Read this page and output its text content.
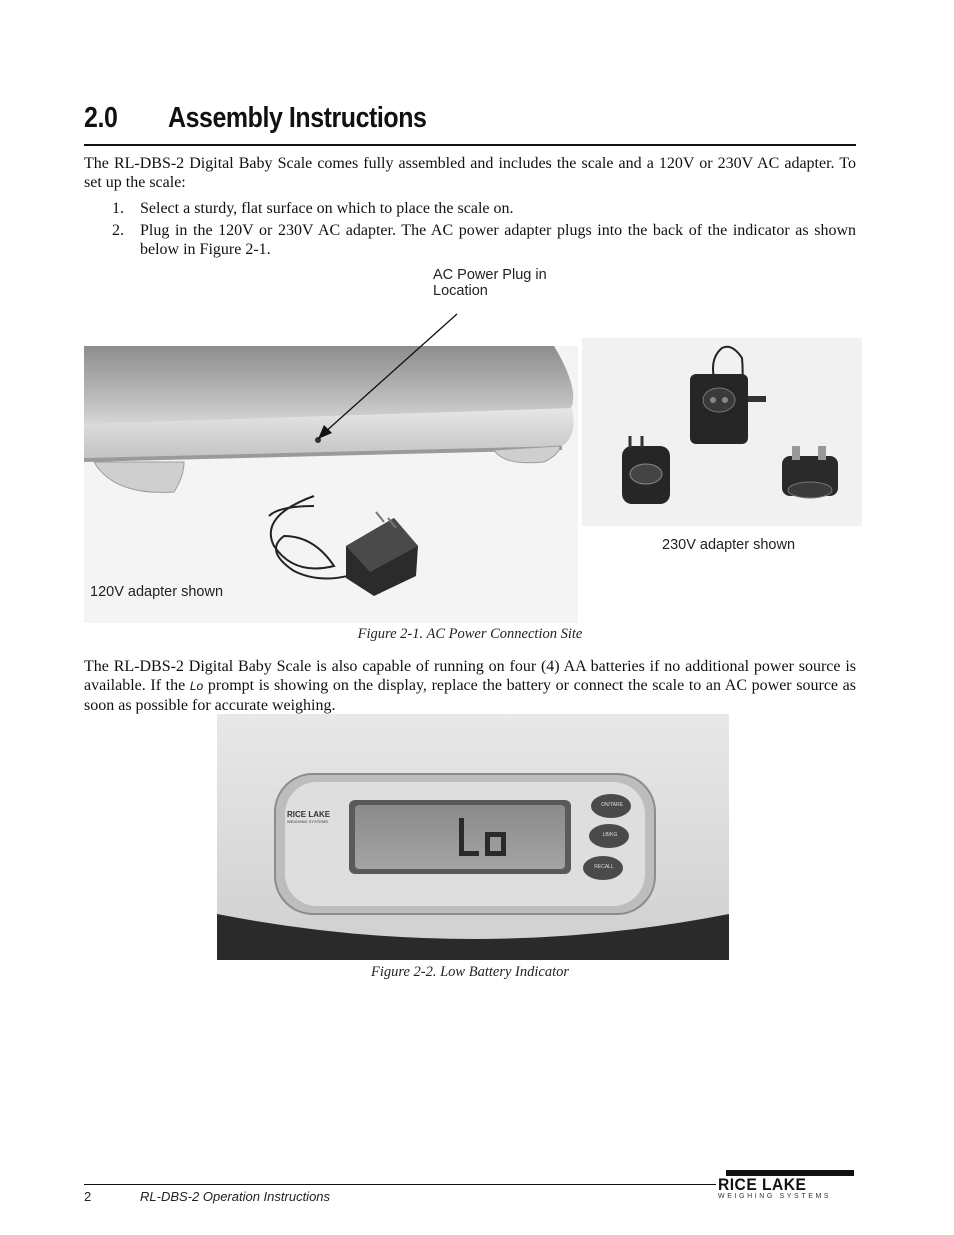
2.0 Assembly Instructions
The RL-DBS-2 Digital Baby Scale comes fully assembled and includes the scale and a 120V or 230V AC adapter. To set up the scale:
1. Select a sturdy, flat surface on which to place the scale on.
2. Plug in the 120V or 230V AC adapter. The AC power adapter plugs into the back of the indicator as shown below in Figure 2-1.
AC Power Plug in
Location
120V adapter shown
230V adapter shown
Figure 2-1. AC Power Connection Site
The RL-DBS-2 Digital Baby Scale is also capable of running on four (4) AA batteries if no additional power source is available. If the Lo prompt is showing on the display, replace the battery or connect the scale to an AC power source as soon as possible for accurate weighing.
RICE LAKE
WEIGHING SYSTEMS
ON/TARE
LB/KG
RECALL
Figure 2-2. Low Battery Indicator
2	RL-DBS-2 Operation Instructions
RICE LAKE
WEIGHING SYSTEMS
